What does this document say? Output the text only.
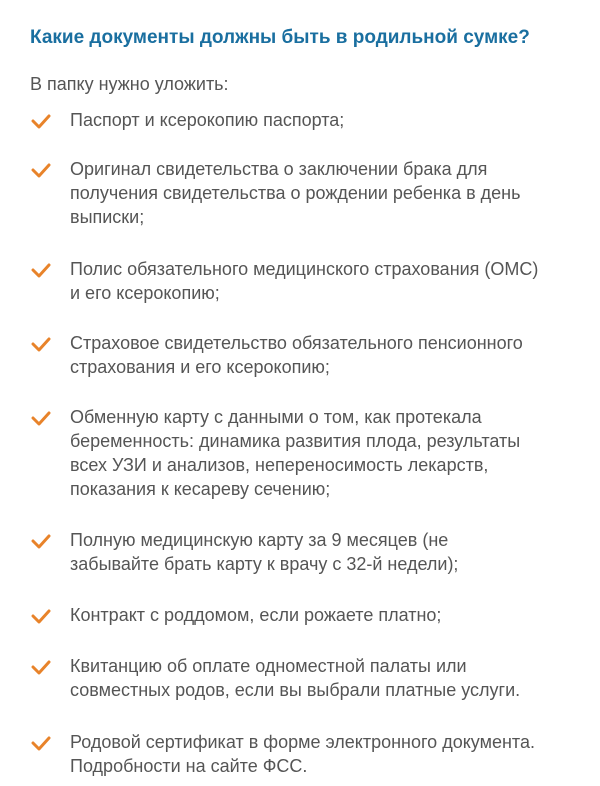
Какие документы должны быть в родильной сумке?
В папку нужно уложить:
Паспорт и ксерокопию паспорта;
Оригинал свидетельства о заключении брака для
получения свидетельства о рождении ребенка в день
выписки;
Полис обязательного медицинского страхования (ОМС)
и его ксерокопию;
Страховое свидетельство обязательного пенсионного
страхования и его ксерокопию;
Обменную карту с данными о том, как протекала
беременность: динамика развития плода, результаты
всех УЗИ и анализов, непереносимость лекарств,
показания к кесареву сечению;
Полную медицинскую карту за 9 месяцев (не
забывайте брать карту к врачу с 32-й недели);
Контракт с роддомом, если рожаете платно;
Квитанцию об оплате одноместной палаты или
совместных родов, если вы выбрали платные услуги.
Родовой сертификат в форме электронного документа.
Подробности на сайте ФСС.
